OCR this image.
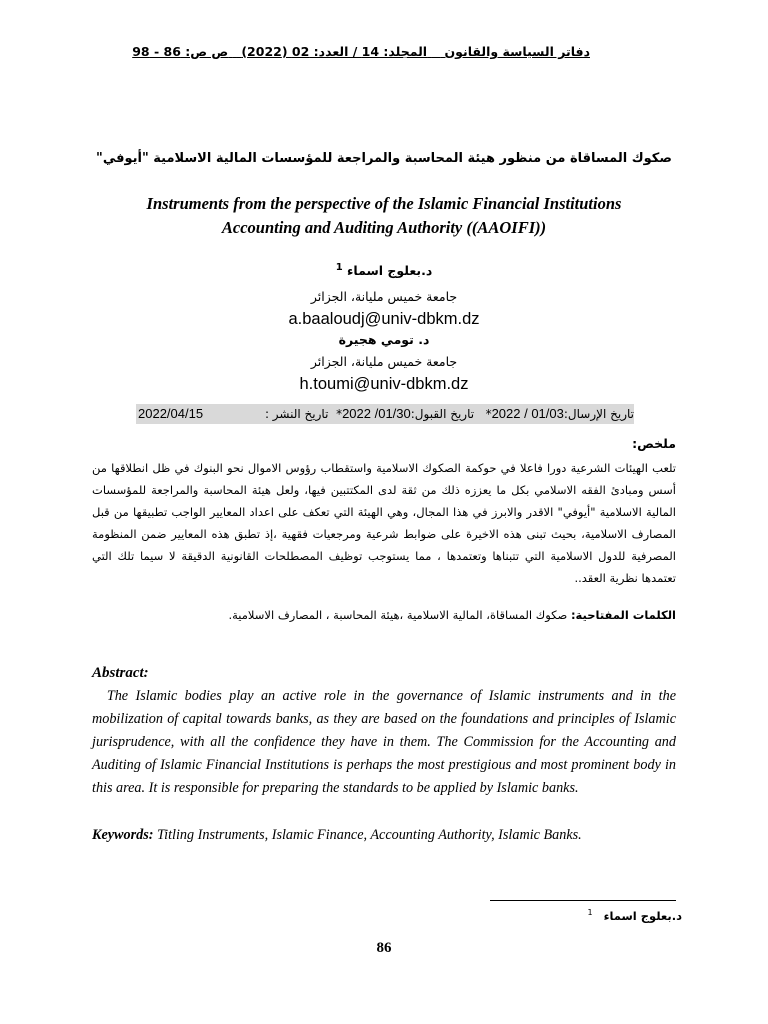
دفاتر السياسة والقانون    المجلد: 14 / العدد: 02 (2022)   ص ص: 86 - 98
صكوك المساقاة من منظور هيئة المحاسبة والمراجعة للمؤسسات المالية الاسلامية "أيوفي"
Instruments from the perspective of the Islamic Financial Institutions
Accounting and Auditing Authority ((AAOIFI))
د.بعلوج اسماء $^1$
جامعة خميس مليانة، الجزائر
a.baaloudj@univ-dbkm.dz
د. تومي هجيرة
جامعة خميس مليانة، الجزائر
h.toumi@univ-dbkm.dz
تاريخ الإرسال:2022 / 01/03*   تاريخ القبول:2022 /01/30*  تاريخ النشر :
2022/04/15
ملخص:
تلعب الهيئات الشرعية دورا فاعلا في حوكمة الصكوك الاسلامية واستقطاب رؤوس الاموال نحو البنوك في ظل انطلاقها من أسس ومبادئ الفقه الاسلامي بكل ما يعززه ذلك من ثقة لدى المكتتبين فيها، ولعل هيئة المحاسبة والمراجعة للمؤسسات المالية الاسلامية "أيوفي" الاقدر والابرز في هذا المجال، وهي الهيئة التي تعكف على اعداد المعايير الواجب تطبيقها من قبل المصارف الاسلامية، بحيث تبنى هذه الاخيرة على ضوابط شرعية ومرجعيات فقهية ،إذ تطبق هذه المعايير ضمن المنظومة المصرفية للدول الاسلامية التي تتبناها وتعتمدها ، مما يستوجب توظيف المصطلحات القانونية الدقيقة لا سيما تلك التي تعتمدها نظرية العقد..
الكلمات المفتاحية: صكوك المساقاة، المالية الاسلامية ،هيئة المحاسبة ، المصارف الاسلامية.
Abstract:
The Islamic bodies play an active role in the governance of Islamic instruments and in the mobilization of capital towards banks, as they are based on the foundations and principles of Islamic jurisprudence, with all the confidence they have in them. The Commission for the Accounting and Auditing of Islamic Financial Institutions is perhaps the most prestigious and most prominent body in this area. It is responsible for preparing the standards to be applied by Islamic banks.
Keywords: Titling Instruments, Islamic Finance, Accounting Authority, Islamic Banks.
د.بعلوج اسماء   $^1$
86
